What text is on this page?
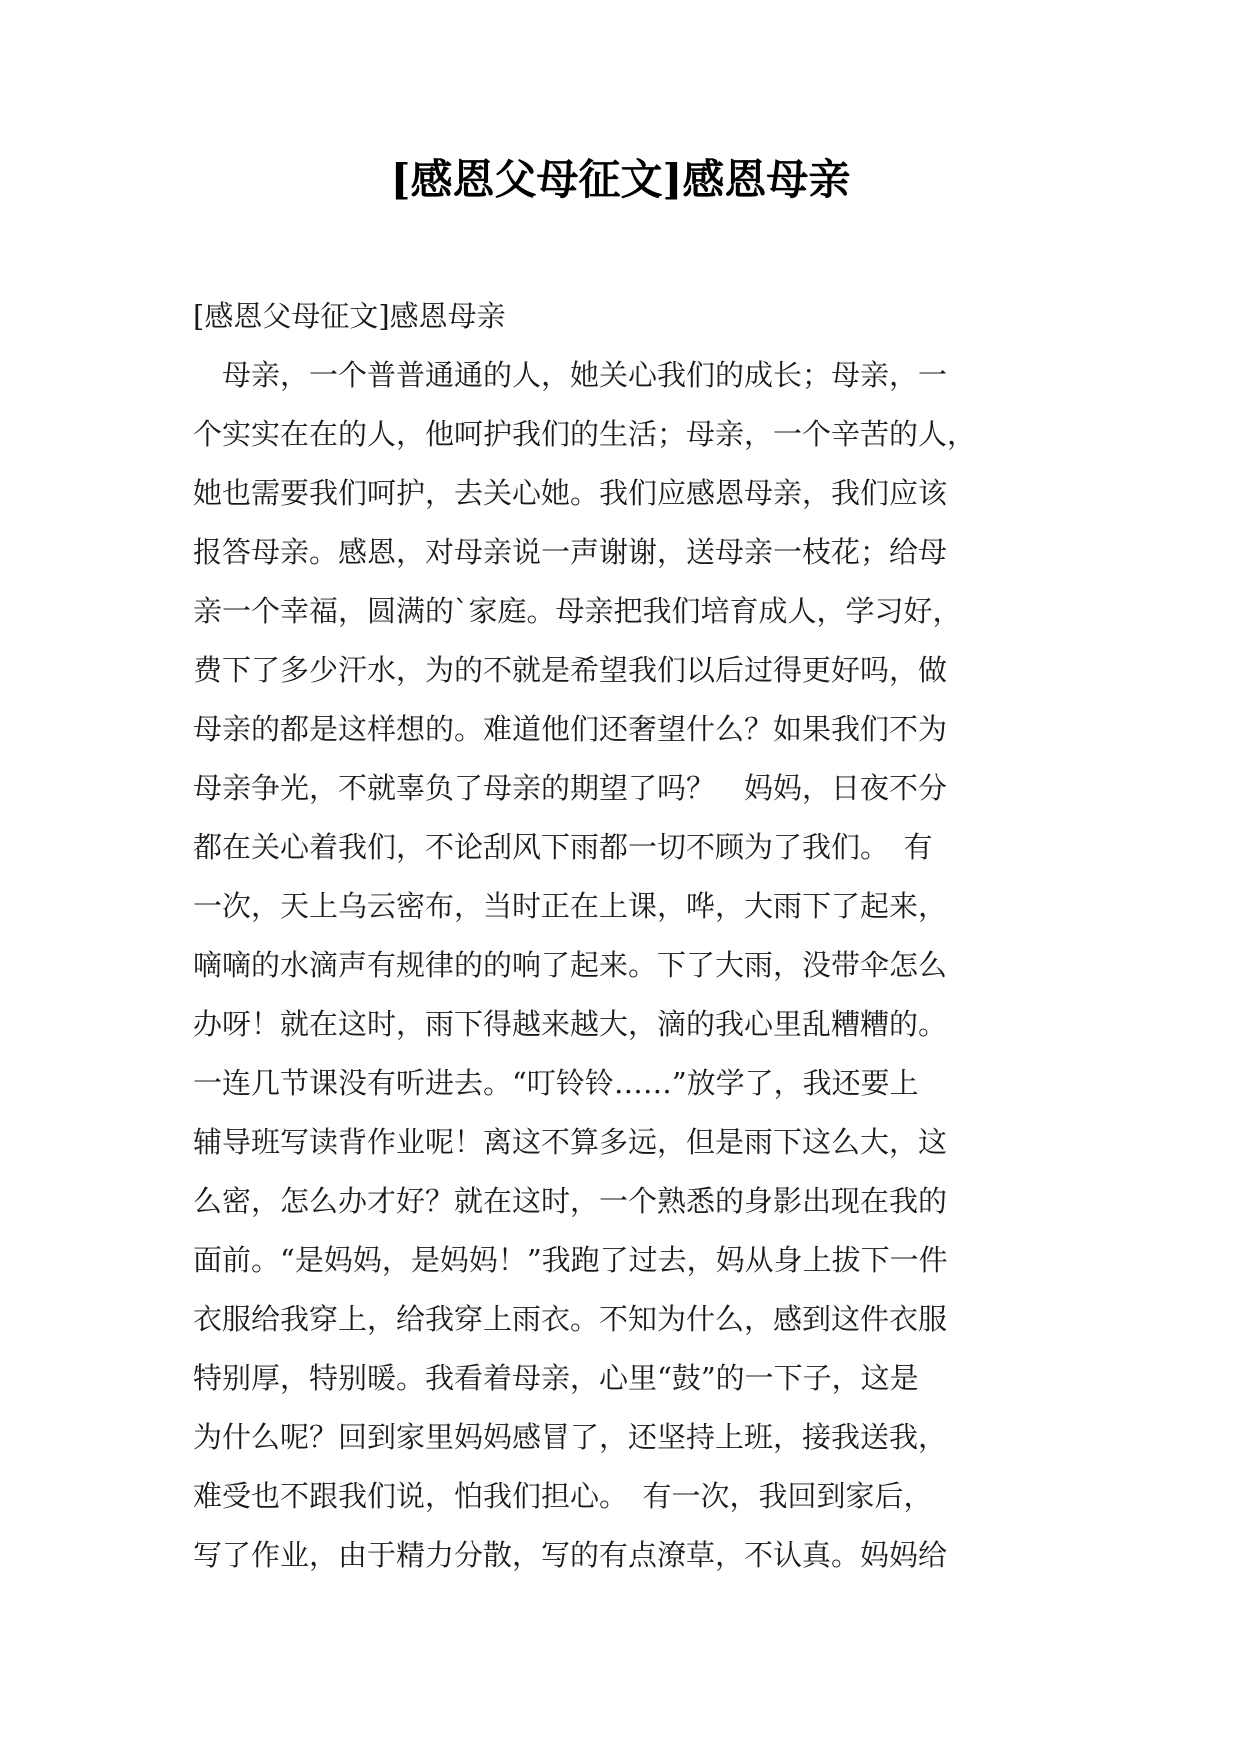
[感恩父母征文]感恩母亲
[感恩父母征文]感恩母亲
　母亲，一个普普通通的人，她关心我们的成长；母亲，一
个实实在在的人，他呵护我们的生活；母亲，一个辛苦的人，
她也需要我们呵护，去关心她。我们应感恩母亲，我们应该
报答母亲。感恩，对母亲说一声谢谢，送母亲一枝花；给母
亲一个幸福，圆满的`家庭。母亲把我们培育成人，学习好，
费下了多少汗水，为的不就是希望我们以后过得更好吗，做
母亲的都是这样想的。难道他们还奢望什么？如果我们不为
母亲争光，不就辜负了母亲的期望了吗？　妈妈，日夜不分
都在关心着我们，不论刮风下雨都一切不顾为了我们。　有
一次，天上乌云密布，当时正在上课，哗，大雨下了起来，
嘀嘀的水滴声有规律的的响了起来。下了大雨，没带伞怎么
办呀！就在这时，雨下得越来越大，滴的我心里乱糟糟的。
一连几节课没有听进去。“叮铃铃……”放学了，我还要上
辅导班写读背作业呢！离这不算多远，但是雨下这么大，这
么密，怎么办才好？就在这时，一个熟悉的身影出现在我的
面前。“是妈妈，是妈妈！”我跑了过去，妈从身上拔下一件
衣服给我穿上，给我穿上雨衣。不知为什么，感到这件衣服
特别厚，特别暖。我看着母亲，心里“鼓”的一下子，这是
为什么呢？回到家里妈妈感冒了，还坚持上班，接我送我，
难受也不跟我们说，怕我们担心。　有一次，我回到家后，
写了作业，由于精力分散，写的有点潦草，不认真。妈妈给
